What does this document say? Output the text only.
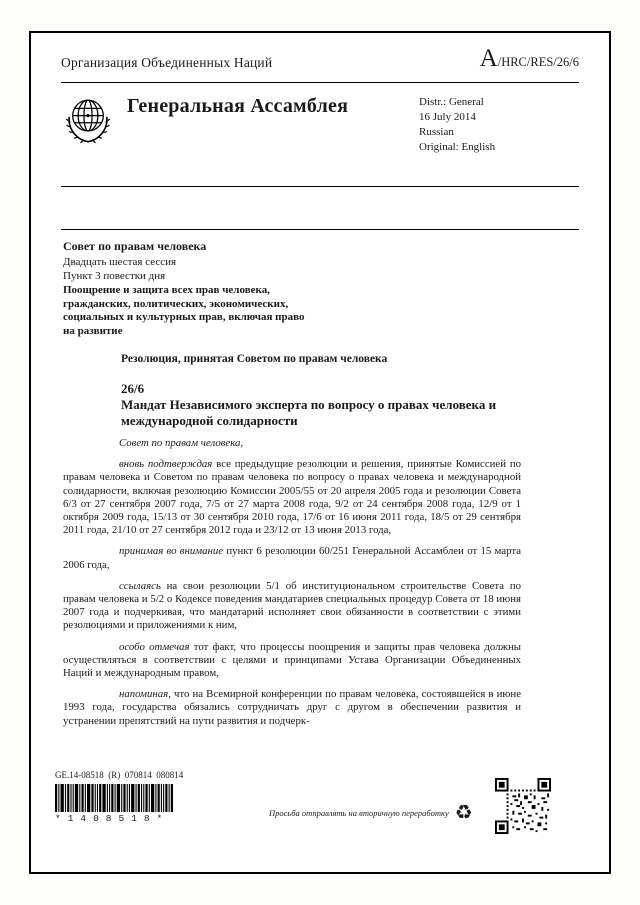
Организация Объединенных Наций	A /HRC/RES/26/6
Генеральная Ассамблея	Distr.: General
16 July 2014
Russian
Original: English

Совет по правам человека

Двадцать шестая сессия

Пункт 3 повестки дня

Поощрение и защита всех прав человека, гражданских, политических, экономических, социальных и культурных прав, включая право на развитие

Резолюция, принятая Советом по правам человека
26/6
Мандат Независимого эксперта по вопросу о правах человека и международной солидарности

Совет по правам человека,

вновь подтверждая все предыдущие резолюции и решения, принятые Комиссией по правам человека и Советом по правам человека по вопросу о правах человека и международной солидарности, включая резолюцию Комиссии 2005/55 от 20 апреля 2005 года и резолюции Совета 6/3 от 27 сентября 2007 года, 7/5 от 27 марта 2008 года, 9/2 от 24 сентября 2008 года, 12/9 от 1 октября 2009 года, 15/13 от 30 сентября 2010 года, 17/6 от 16 июня 2011 года, 18/5 от 29 сентября 2011 года, 21/10 от 27 сентября 2012 года и 23/12 от 13 июня 2013 года,

принимая во внимание пункт 6 резолюции 60/251 Генеральной Ассамблеи от 15 марта 2006 года,

ссылаясь на свои резолюции 5/1 об институциональном строительстве Совета по правам человека и 5/2 о Кодексе поведения мандатариев специальных процедур Совета от 18 июня 2007 года и подчеркивая, что мандатарий исполняет свои обязанности в соответствии с этими резолюциями и приложениями к ним,

особо отмечая тот факт, что процессы поощрения и защиты прав человека должны осуществляться в соответствии с целями и принципами Устава Организации Объединенных Наций и международным правом,

напоминая, что на Всемирной конференции по правам человека, состоявшейся в июне 1993 года, государства обязались сотрудничать друг с другом в обеспечении развития и устранении препятствий на пути развития и подчерк-

GE.14-08518  (R)  070814  080814
*1408518*	Просьба отправлять на вторичную переработку ♻
